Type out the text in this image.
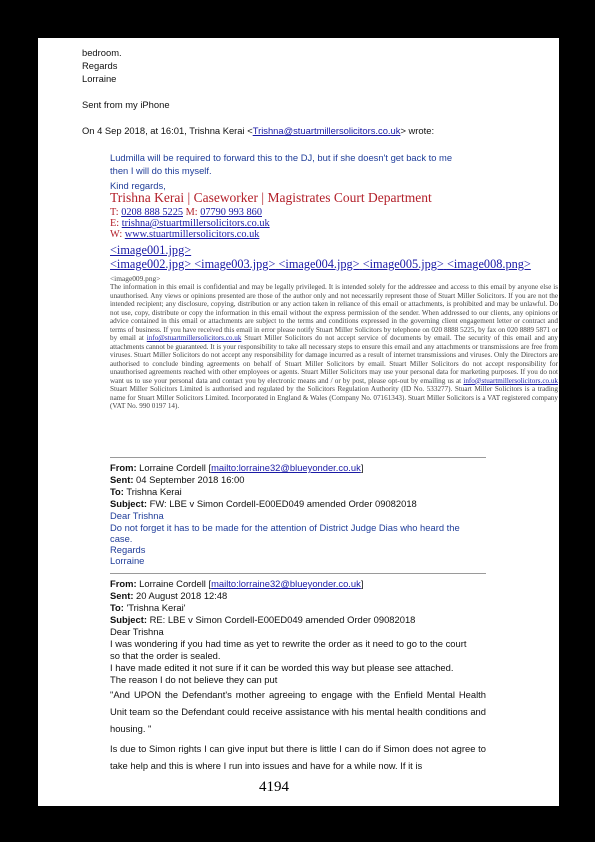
bedroom.
Regards
Lorraine
Sent from my iPhone
On 4 Sep 2018, at 16:01, Trishna Kerai <Trishna@stuartmillersolicitors.co.uk> wrote:
Ludmilla will be required to forward this to the DJ, but if she doesn't get back to me
then I will do this myself.
Kind regards,
Trishna Kerai | Caseworker | Magistrates Court Department
T: 0208 888 5225 M: 07790 993 860
E: trishna@stuartmillersolicitors.co.uk
W: www.stuartmillersolicitors.co.uk
<image001.jpg>
<image002.jpg> <image003.jpg> <image004.jpg> <image005.jpg> <image008.png>
<image009.png>
The information in this email is confidential and may be legally privileged. It is intended solely for the addressee and access to this email by anyone else is unauthorised. Any views or opinions presented are those of the author only and not necessarily represent those of Stuart Miller Solicitors. If you are not the intended recipient; any disclosure, copying, distribution or any action taken in reliance of this email or attachments, is prohibited and may be unlawful. Do not use, copy, distribute or copy the information in this email without the express permission of the sender. When addressed to our clients, any opinions or advice contained in this email or attachments are subject to the terms and conditions expressed in the governing client engagement letter or contract and terms of business. If you have received this email in error please notify Stuart Miller Solicitors by telephone on 020 8888 5225, by fax on 020 8889 5871 or by email at info@stuartmillersolicitors.co.uk Stuart Miller Solicitors do not accept service of documents by email. The security of this email and any attachments cannot be guaranteed. It is your responsibility to take all necessary steps to ensure this email and any attachments or transmissions are free from viruses. Stuart Miller Solicitors do not accept any responsibility for damage incurred as a result of internet transmissions and viruses. Only the Directors are authorised to conclude binding agreements on behalf of Stuart Miller Solicitors by email. Stuart Miller Solicitors do not accept responsibility for unauthorised agreements reached with other employees or agents. Stuart Miller Solicitors may use your personal data for marketing purposes. If you do not want us to use your personal data and contact you by electronic means and / or by post, please opt-out by emailing us at info@stuartmillersolicitors.co.uk Stuart Miller Solicitors Limited is authorised and regulated by the Solicitors Regulation Authority (ID No. 533277). Stuart Miller Solicitors is a trading name for Stuart Miller Solicitors Limited. Incorporated in England & Wales (Company No. 07161343). Stuart Miller Solicitors is a VAT registered company (VAT No. 990 0197 14).
From: Lorraine Cordell [mailto:lorraine32@blueyonder.co.uk]
Sent: 04 September 2018 16:00
To: Trishna Kerai
Subject: FW: LBE v Simon Cordell-E00ED049 amended Order 09082018
Dear Trishna
Do not forget it has to be made for the attention of District Judge Dias who heard the
case.
Regards
Lorraine
From: Lorraine Cordell [mailto:lorraine32@blueyonder.co.uk]
Sent: 20 August 2018 12:48
To: 'Trishna Kerai'
Subject: RE: LBE v Simon Cordell-E00ED049 amended Order 09082018
Dear Trishna
I was wondering if you had time as yet to rewrite the order as it need to go to the court
so that the order is sealed.
I have made edited it not sure if it can be worded this way but please see attached.
The reason I do not believe they can put
"And UPON the Defendant's mother agreeing to engage with the Enfield Mental Health Unit team so the Defendant could receive assistance with his mental health conditions and housing. "
Is due to Simon rights I can give input but there is little I can do if Simon does not agree to take help and this is where I run into issues and have for a while now. If it is
4194
